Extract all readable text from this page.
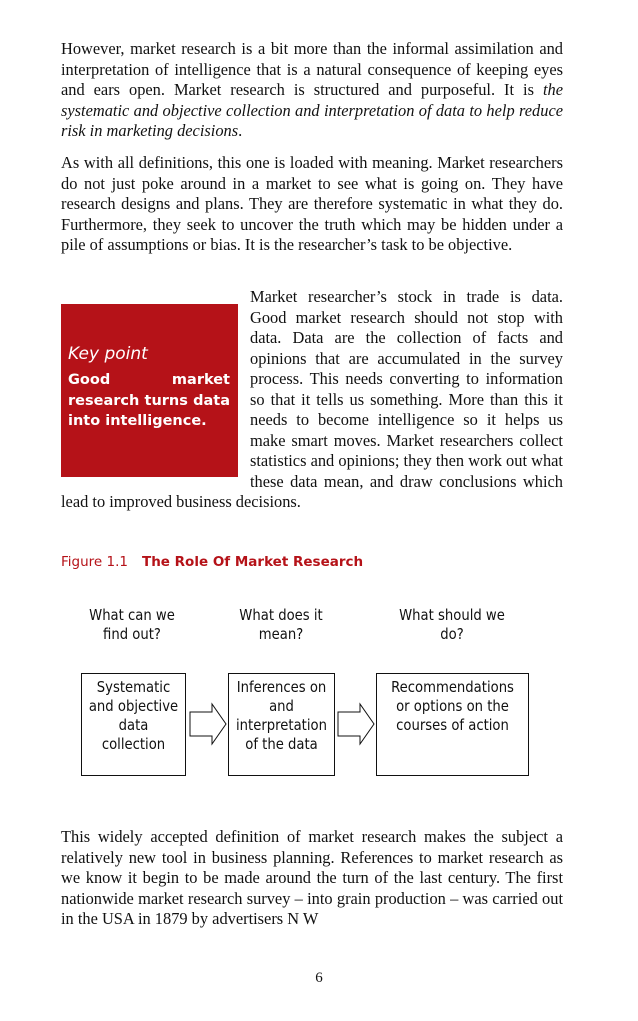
However, market research is a bit more than the informal assimilation and interpretation of intelligence that is a natural consequence of keeping eyes and ears open. Market research is structured and purposeful. It is the systematic and objective collection and interpretation of data to help reduce risk in marketing decisions.

As with all definitions, this one is loaded with meaning. Market researchers do not just poke around in a market to see what is going on. They have research designs and plans. They are therefore systematic in what they do. Furthermore, they seek to uncover the truth which may be hidden under a pile of assumptions or bias. It is the researcher’s task to be objective.

Key point
Good market research turns data into intelligence.
Market researcher’s stock in trade is data. Good market research should not stop with data. Data are the collection of facts and opinions that are accumulated in the survey process. This needs converting to information so that it tells us something. More than this it needs to become intelligence so it helps us make smart moves. Market researchers collect statistics and opinions; they then work out what these data mean, and draw conclusions which lead to improved business decisions.
Figure 1.1 The Role Of Market Research
What can we find out?
What does it mean?
What should we do?
Systematic and objective data collection
Inferences on and interpretation of the data
Recommendations or options on the courses of action

This widely accepted definition of market research makes the subject a relatively new tool in business planning. References to market research as we know it begin to be made around the turn of the last century. The first nationwide market research survey – into grain production – was carried out in the USA in 1879 by advertisers N W

6
